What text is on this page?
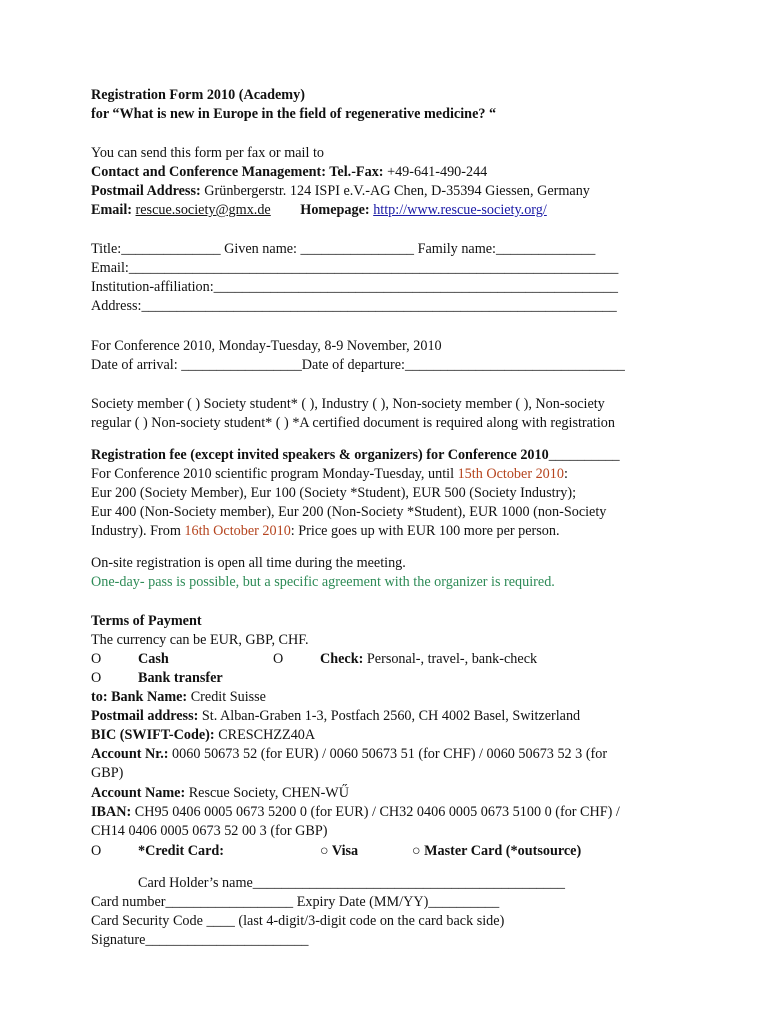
Registration Form 2010 (Academy)
for “What is new in Europe in the field of regenerative medicine? “
You can send this form per fax or mail to
Contact and Conference Management: Tel.-Fax: +49-641-490-244
Postmail Address: Grünbergerstr. 124 ISPI e.V.-AG Chen, D-35394 Giessen, Germany
Email: rescue.society@gmx.de Homepage: http://www.rescue-society.org/
Title:______________ Given name: ________________ Family name:______________
Email:_____________________________________________________________________
Institution-affiliation:_________________________________________________________
Address:___________________________________________________________________
For Conference 2010, Monday-Tuesday, 8-9 November, 2010
Date of arrival: _________________Date of departure:_______________________________
Society member ( ) Society student* ( ), Industry ( ), Non-society member ( ), Non-society
regular ( ) Non-society student* ( ) *A certified document is required along with registration
Registration fee (except invited speakers & organizers) for Conference 2010__________
For Conference 2010 scientific program Monday-Tuesday, until 15th October 2010:
Eur 200 (Society Member), Eur 100 (Society *Student), EUR 500 (Society Industry);
Eur 400 (Non-Society member), Eur 200 (Non-Society *Student), EUR 1000 (non-Society
Industry). From 16th October 2010: Price goes up with EUR 100 more per person.
On-site registration is open all time during the meeting.
One-day- pass is possible, but a specific agreement with the organizer is required.
Terms of Payment
The currency can be EUR, GBP, CHF.
O	Cash	O	Check: Personal-, travel-, bank-check
O	Bank transfer
to: Bank Name: Credit Suisse
Postmail address: St. Alban-Graben 1-3, Postfach 2560, CH 4002 Basel, Switzerland
BIC (SWIFT-Code): CRESCHZZ40A
Account Nr.: 0060 50673 52 (for EUR) / 0060 50673 51 (for CHF) / 0060 50673 52 3 (for
GBP)
Account Name: Rescue Society, CHEN-WŰ
IBAN: CH95 0406 0005 0673 5200 0 (for EUR) / CH32 0406 0005 0673 5100 0 (for CHF) /
CH14 0406 0005 0673 52 00 3 (for GBP)
O	*Credit Card:	○ Visa	○ Master Card (*outsource)
Card Holder’s name____________________________________________
Card number__________________ Expiry Date (MM/YY)__________
Card Security Code ____ (last 4-digit/3-digit code on the card back side)
Signature_______________________
